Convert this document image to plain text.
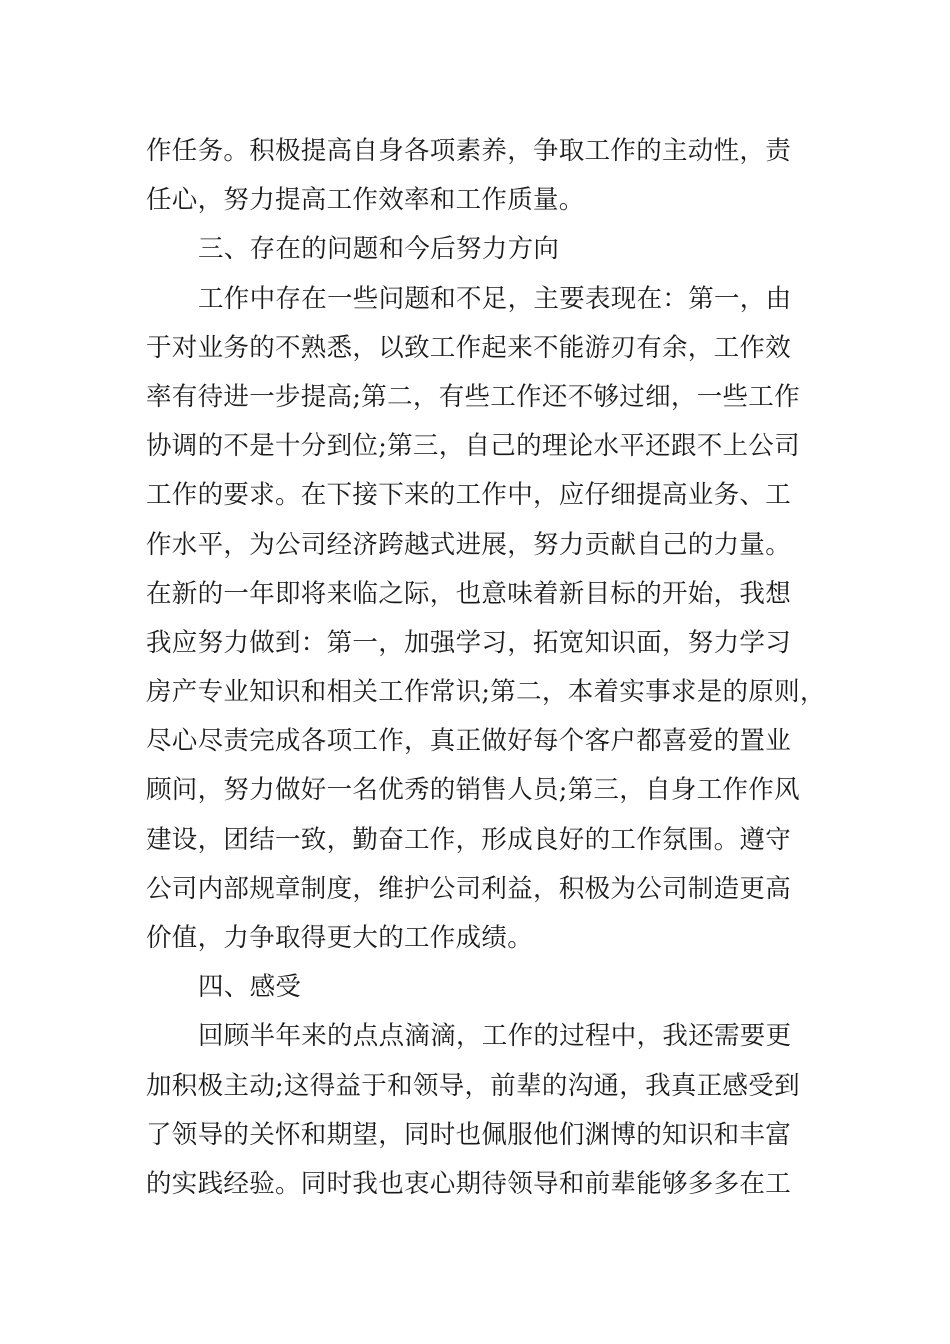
作任务。积极提高自身各项素养，争取工作的主动性，责
任心，努力提高工作效率和工作质量。
三、存在的问题和今后努力方向
工作中存在一些问题和不足，主要表现在：第一，由
于对业务的不熟悉，以致工作起来不能游刃有余，工作效
率有待进一步提高;第二，有些工作还不够过细，一些工作
协调的不是十分到位;第三，自己的理论水平还跟不上公司
工作的要求。在下接下来的工作中，应仔细提高业务、工
作水平，为公司经济跨越式进展，努力贡献自己的力量。
在新的一年即将来临之际，也意味着新目标的开始，我想
我应努力做到：第一，加强学习，拓宽知识面，努力学习
房产专业知识和相关工作常识;第二，本着实事求是的原则，
尽心尽责完成各项工作，真正做好每个客户都喜爱的置业
顾问，努力做好一名优秀的销售人员;第三，自身工作作风
建设，团结一致，勤奋工作，形成良好的工作氛围。遵守
公司内部规章制度，维护公司利益，积极为公司制造更高
价值，力争取得更大的工作成绩。
四、感受
回顾半年来的点点滴滴，工作的过程中，我还需要更
加积极主动;这得益于和领导，前辈的沟通，我真正感受到
了领导的关怀和期望，同时也佩服他们渊博的知识和丰富
的实践经验。同时我也衷心期待领导和前辈能够多多在工
